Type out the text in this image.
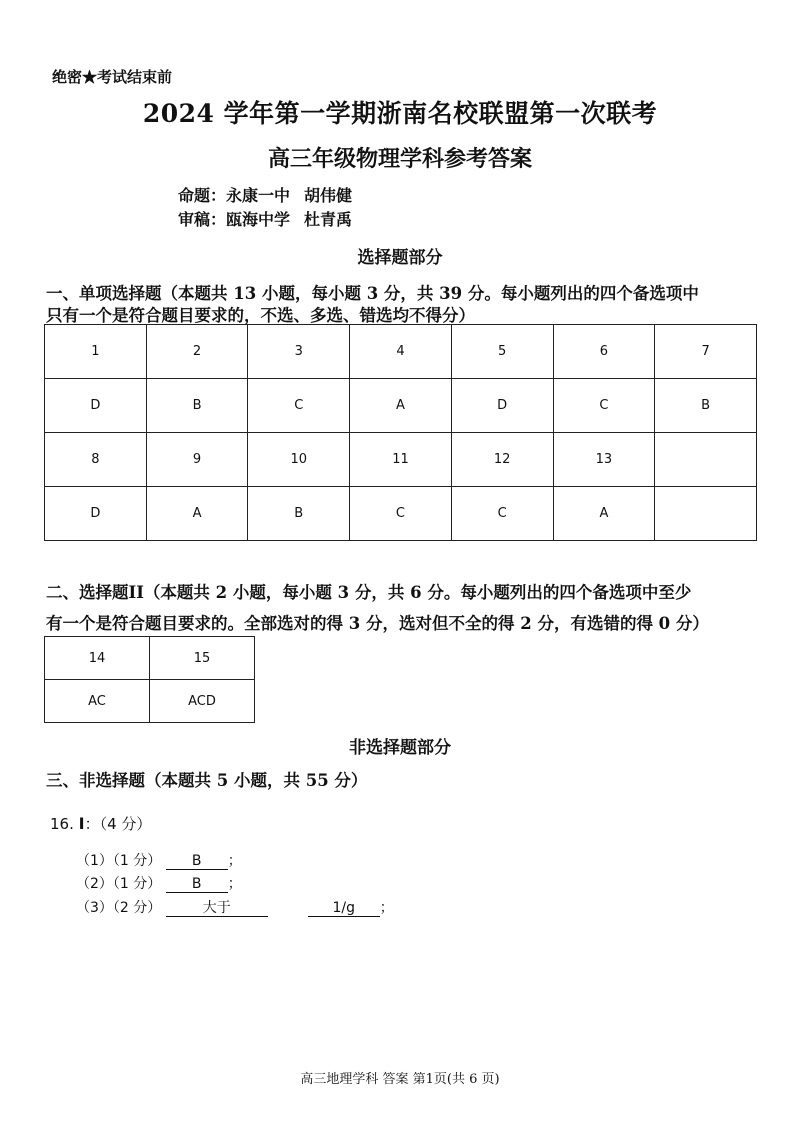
绝密★考试结束前
2024 学年第一学期浙南名校联盟第一次联考
高三年级物理学科参考答案
命题：永康一中 胡伟健
审稿：瓯海中学 杜青禹
选择题部分
一、单项选择题（本题共 13 小题，每小题 3 分，共 39 分。每小题列出的四个备选项中
只有一个是符合题目要求的，不选、多选、错选均不得分）
1	2	3	4	5	6	7
D	B	C	A	D	C	B
8	9	10	11	12	13	
D	A	B	C	C	A	
二、选择题II（本题共 2 小题，每小题 3 分，共 6 分。每小题列出的四个备选项中至少
有一个是符合题目要求的。全部选对的得 3 分，选对但不全的得 2 分，有选错的得 0 分）
14	15
AC	ACD
非选择题部分
三、非选择题（本题共 5 小题，共 55 分）
16. Ⅰ：（4 分）
（1）（1 分） B ；
（2）（1 分） B ；
（3）（2 分）	大于	1/g ；
高三地理学科 答案 第1页(共 6 页)
